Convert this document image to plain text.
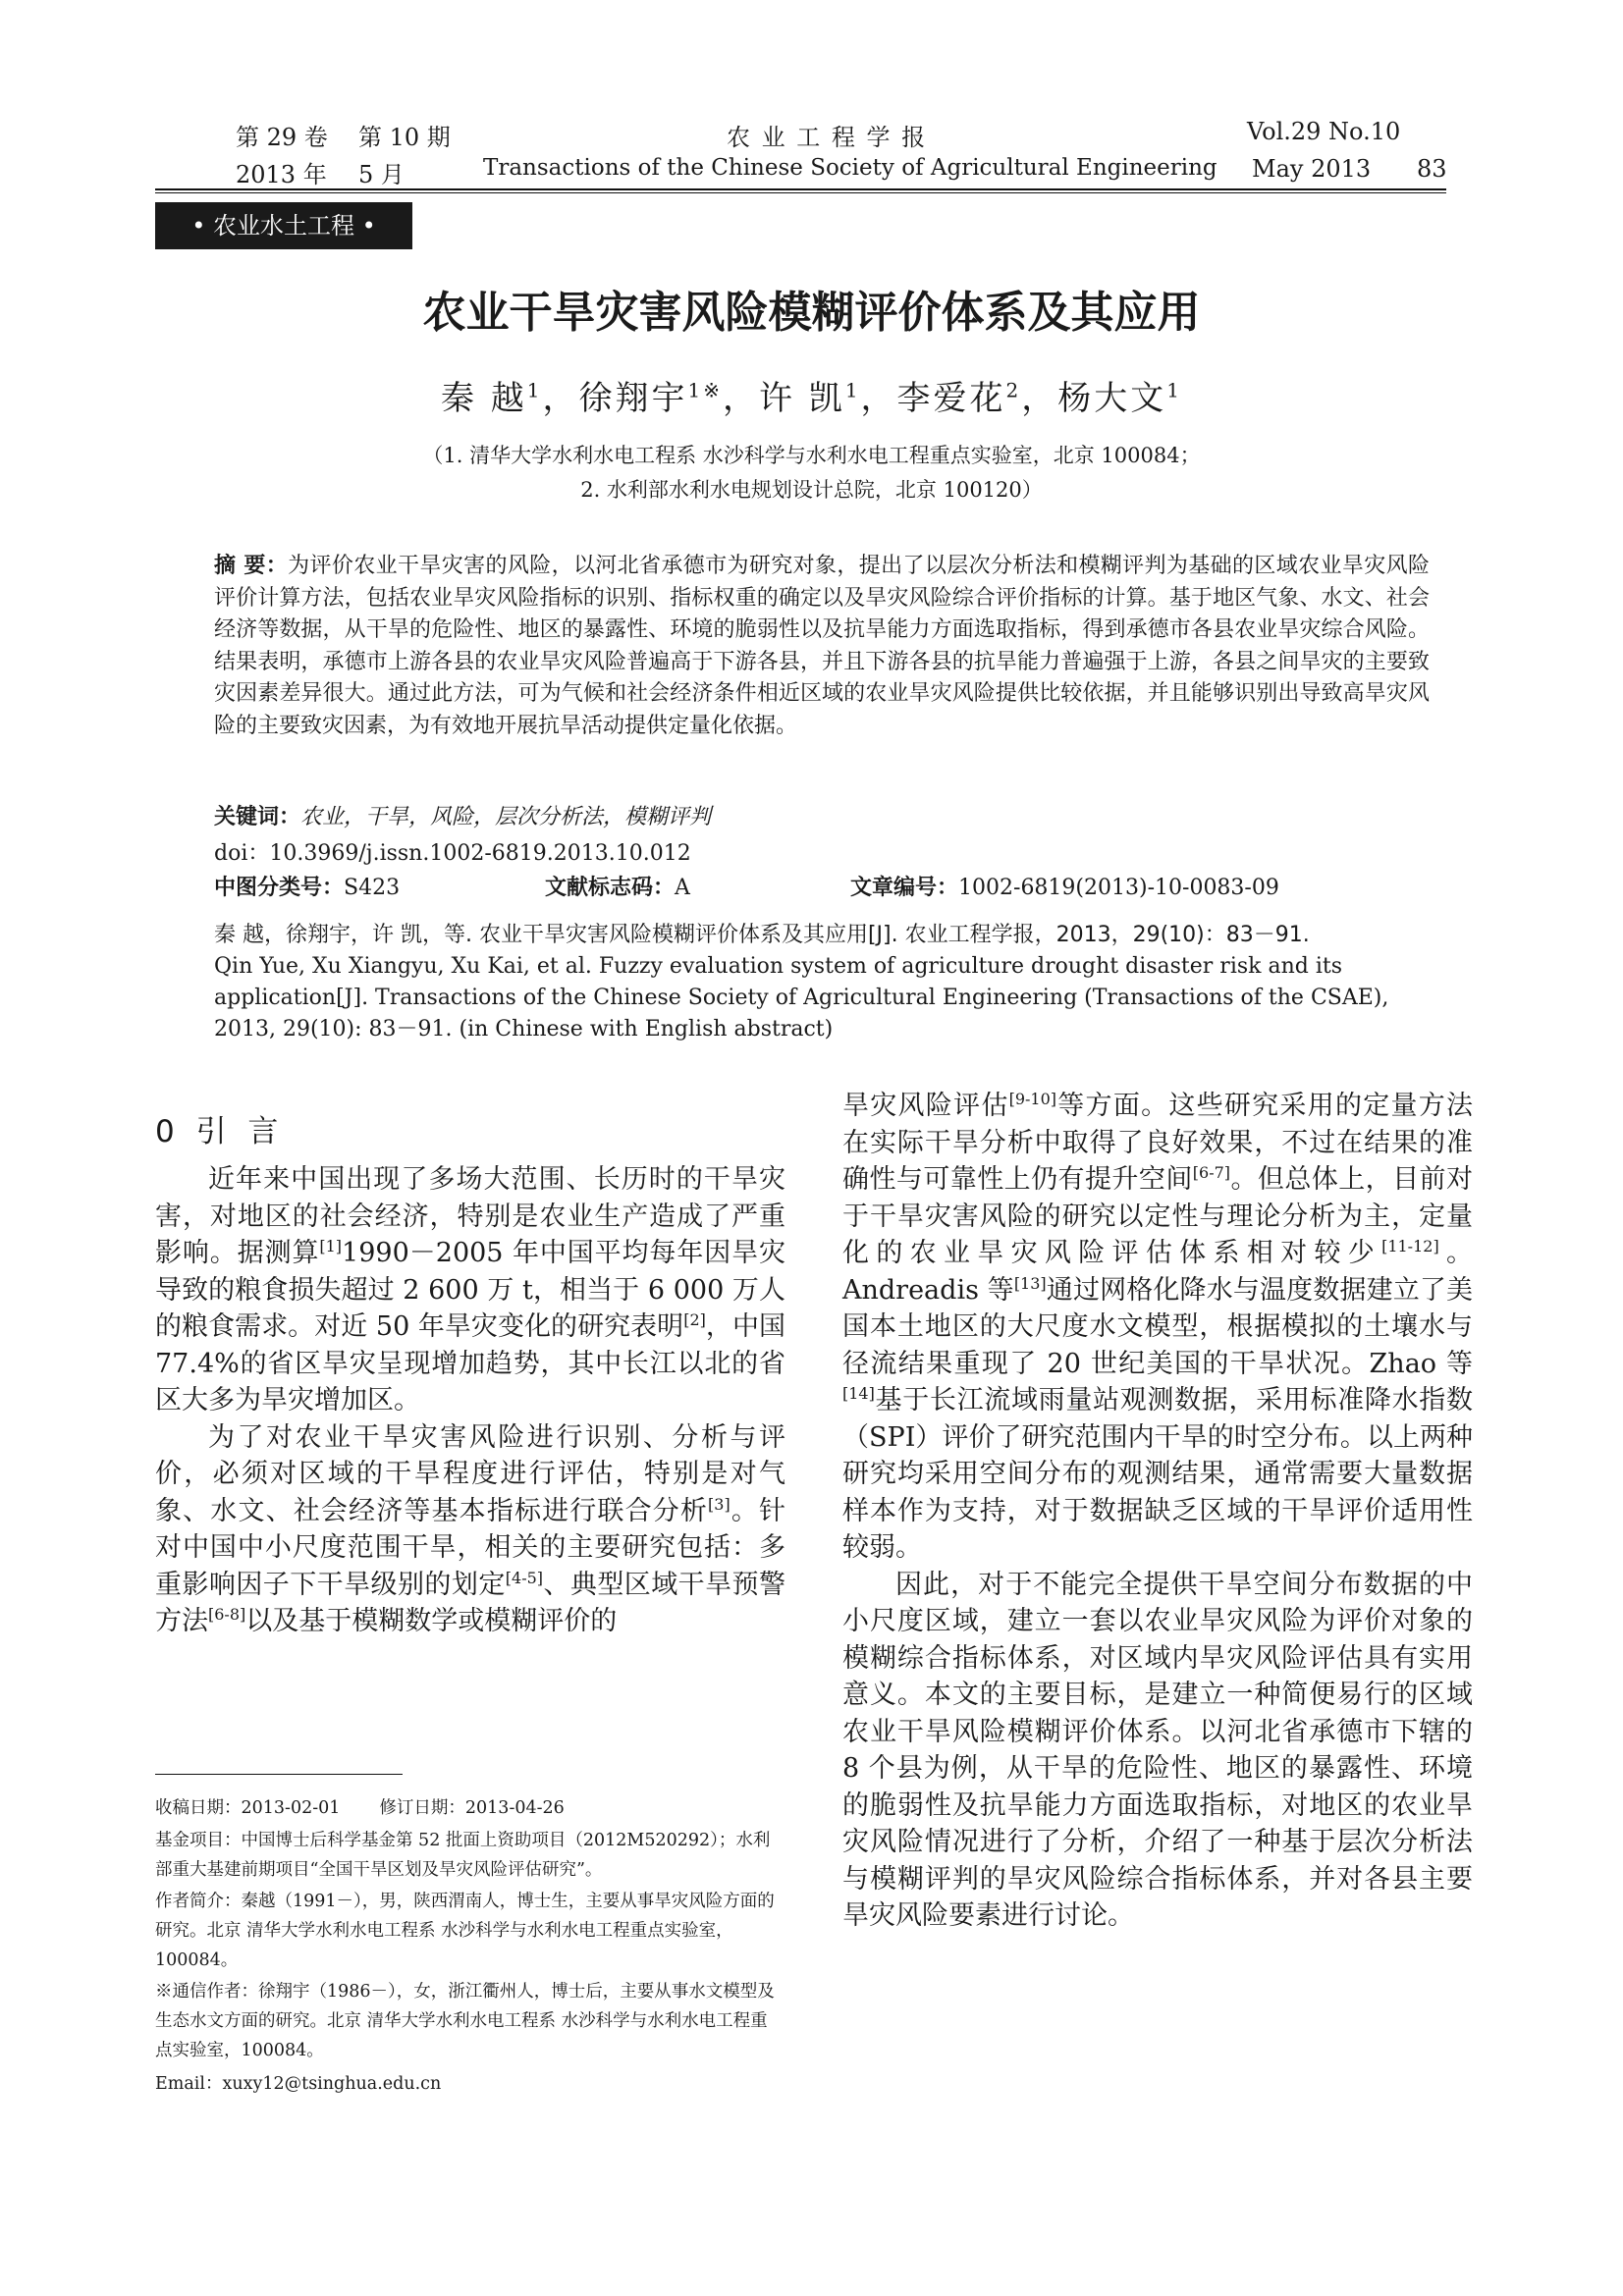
第 29 卷 第 10 期	农 业 工 程 学 报	Vol.29 No.10
2013 年 5 月	Transactions of the Chinese Society of Agricultural Engineering May 2013 83
• 农业水土工程 •
农业干旱灾害风险模糊评价体系及其应用
秦 越$^1$，徐翔宇$^{1※}$，许 凯$^1$，李爱花$^2$，杨大文$^1$
（1. 清华大学水利水电工程系 水沙科学与水利水电工程重点实验室，北京 100084；
2. 水利部水利水电规划设计总院，北京 100120）
摘 要：为评价农业干旱灾害的风险，以河北省承德市为研究对象，提出了以层次分析法和模糊评判为基础的区域农业旱灾风险评价计算方法，包括农业旱灾风险指标的识别、指标权重的确定以及旱灾风险综合评价指标的计算。基于地区气象、水文、社会经济等数据，从干旱的危险性、地区的暴露性、环境的脆弱性以及抗旱能力方面选取指标，得到承德市各县农业旱灾综合风险。结果表明，承德市上游各县的农业旱灾风险普遍高于下游各县，并且下游各县的抗旱能力普遍强于上游，各县之间旱灾的主要致灾因素差异很大。通过此方法，可为气候和社会经济条件相近区域的农业旱灾风险提供比较依据，并且能够识别出导致高旱灾风险的主要致灾因素，为有效地开展抗旱活动提供定量化依据。
关键词：农业，干旱，风险，层次分析法，模糊评判
doi：10.3969/j.issn.1002-6819.2013.10.012
中图分类号：S423	文献标志码：A	文章编号：1002-6819(2013)-10-0083-09
秦 越，徐翔宇，许 凯，等. 农业干旱灾害风险模糊评价体系及其应用[J]. 农业工程学报，2013，29(10)：83－91.
Qin Yue, Xu Xiangyu, Xu Kai, et al. Fuzzy evaluation system of agriculture drought disaster risk and its application[J]. Transactions of the Chinese Society of Agricultural Engineering (Transactions of the CSAE), 2013, 29(10): 83－91. (in Chinese with English abstract)
0 引 言

近年来中国出现了多场大范围、长历时的干旱灾害，对地区的社会经济，特别是农业生产造成了严重影响。据测算[1]1990－2005 年中国平均每年因旱灾导致的粮食损失超过 2 600 万 t，相当于 6 000 万人的粮食需求。对近 50 年旱灾变化的研究表明[2]，中国 77.4%的省区旱灾呈现增加趋势，其中长江以北的省区大多为旱灾增加区。

为了对农业干旱灾害风险进行识别、分析与评价，必须对区域的干旱程度进行评估，特别是对气象、水文、社会经济等基本指标进行联合分析[3]。针对中国中小尺度范围干旱，相关的主要研究包括：多重影响因子下干旱级别的划定[4-5]、典型区域干旱预警方法[6-8]以及基于模糊数学或模糊评价的

旱灾风险评估[9-10]等方面。这些研究采用的定量方法在实际干旱分析中取得了良好效果，不过在结果的准确性与可靠性上仍有提升空间[6-7]。但总体上，目前对于干旱灾害风险的研究以定性与理论分析为主，定量化的农业旱灾风险评估体系相对较少[11-12]。Andreadis 等[13]通过网格化降水与温度数据建立了美国本土地区的大尺度水文模型，根据模拟的土壤水与径流结果重现了 20 世纪美国的干旱状况。Zhao 等[14]基于长江流域雨量站观测数据，采用标准降水指数（SPI）评价了研究范围内干旱的时空分布。以上两种研究均采用空间分布的观测结果，通常需要大量数据样本作为支持，对于数据缺乏区域的干旱评价适用性较弱。

因此，对于不能完全提供干旱空间分布数据的中小尺度区域，建立一套以农业旱灾风险为评价对象的模糊综合指标体系，对区域内旱灾风险评估具有实用意义。本文的主要目标，是建立一种简便易行的区域农业干旱风险模糊评价体系。以河北省承德市下辖的 8 个县为例，从干旱的危险性、地区的暴露性、环境的脆弱性及抗旱能力方面选取指标，对地区的农业旱灾风险情况进行了分析，介绍了一种基于层次分析法与模糊评判的旱灾风险综合指标体系，并对各县主要旱灾风险要素进行讨论。

收稿日期：2013-02-01 修订日期：2013-04-26
基金项目：中国博士后科学基金第 52 批面上资助项目（2012M520292）；水利部重大基建前期项目“全国干旱区划及旱灾风险评估研究”。
作者简介：秦越（1991－），男，陕西渭南人，博士生，主要从事旱灾风险方面的研究。北京 清华大学水利水电工程系 水沙科学与水利水电工程重点实验室，100084。
※通信作者：徐翔宇（1986－），女，浙江衢州人，博士后，主要从事水文模型及生态水文方面的研究。北京 清华大学水利水电工程系 水沙科学与水利水电工程重点实验室，100084。
Email：xuxy12@tsinghua.edu.cn
